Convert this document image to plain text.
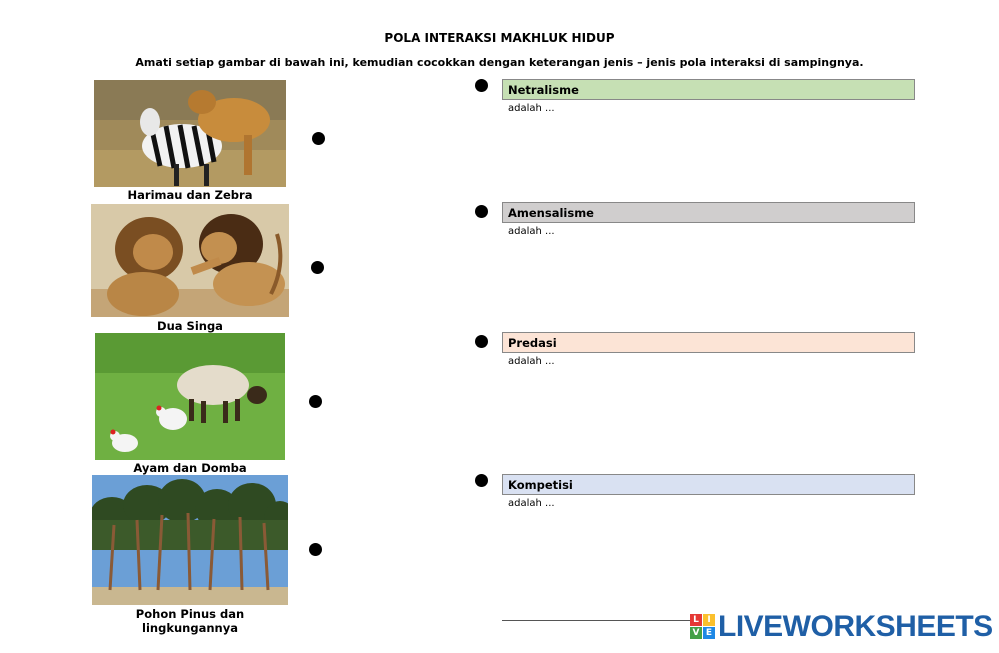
POLA INTERAKSI MAKHLUK HIDUP
Amati setiap gambar di bawah ini, kemudian cocokkan dengan keterangan jenis – jenis pola interaksi di sampingnya.
Harimau dan Zebra
Dua Singa
Ayam dan Domba
Pohon Pinus dan lingkungannya
Netralisme
adalah ...
Amensalisme
adalah ...
Predasi
adalah ...
Kompetisi
adalah ...
L I
V E LIVEWORKSHEETS
